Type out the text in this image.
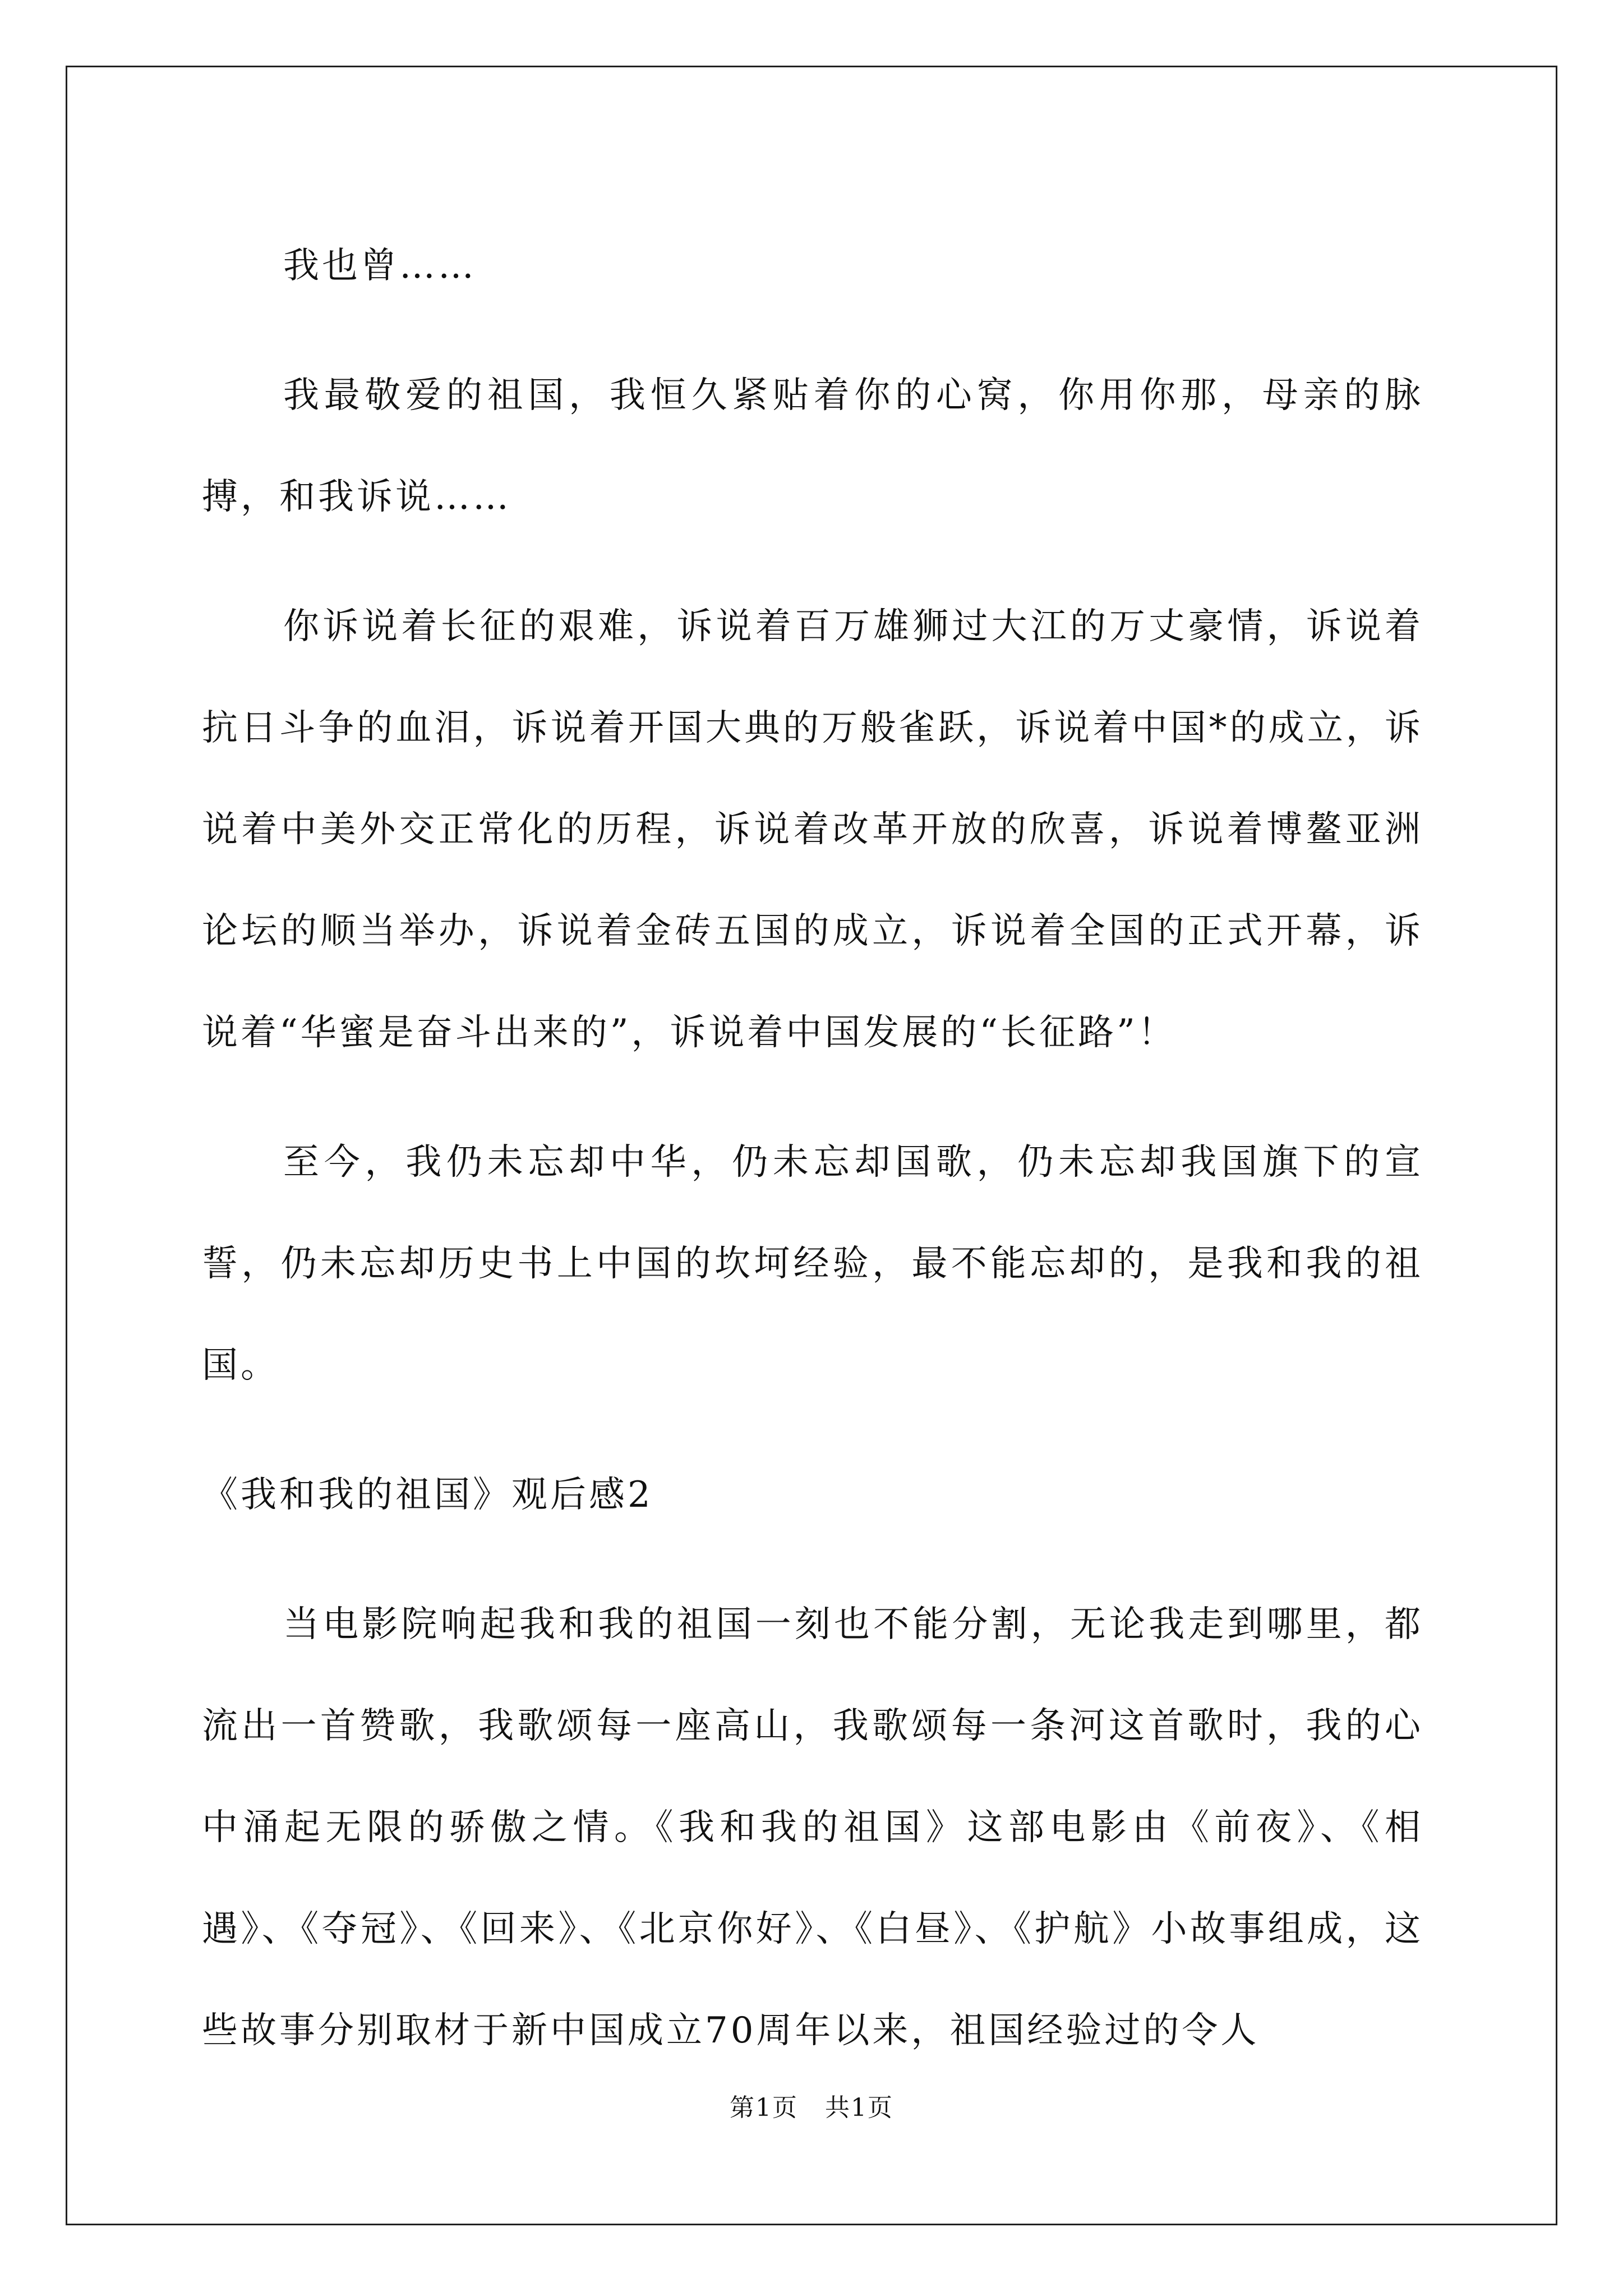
我也曾……

我最敬爱的祖国，我恒久紧贴着你的心窝，你用你那，母亲的脉搏，和我诉说……

你诉说着长征的艰难，诉说着百万雄狮过大江的万丈豪情，诉说着抗日斗争的血泪，诉说着开国大典的万般雀跃，诉说着中国*的成立，诉说着中美外交正常化的历程，诉说着改革开放的欣喜，诉说着博鳌亚洲论坛的顺当举办，诉说着金砖五国的成立，诉说着全国的正式开幕，诉说着“华蜜是奋斗出来的”，诉说着中国发展的“长征路”！

至今，我仍未忘却中华，仍未忘却国歌，仍未忘却我国旗下的宣誓，仍未忘却历史书上中国的坎坷经验，最不能忘却的，是我和我的祖国。

《我和我的祖国》观后感2

当电影院响起我和我的祖国一刻也不能分割，无论我走到哪里，都流出一首赞歌，我歌颂每一座高山，我歌颂每一条河这首歌时，我的心中涌起无限的骄傲之情。《我和我的祖国》这部电影由《前夜》、《相遇》、《夺冠》、《回来》、《北京你好》、《白昼》、《护航》小故事组成，这些故事分别取材于新中国成立70周年以来，祖国经验过的令人

第1页 共1页
